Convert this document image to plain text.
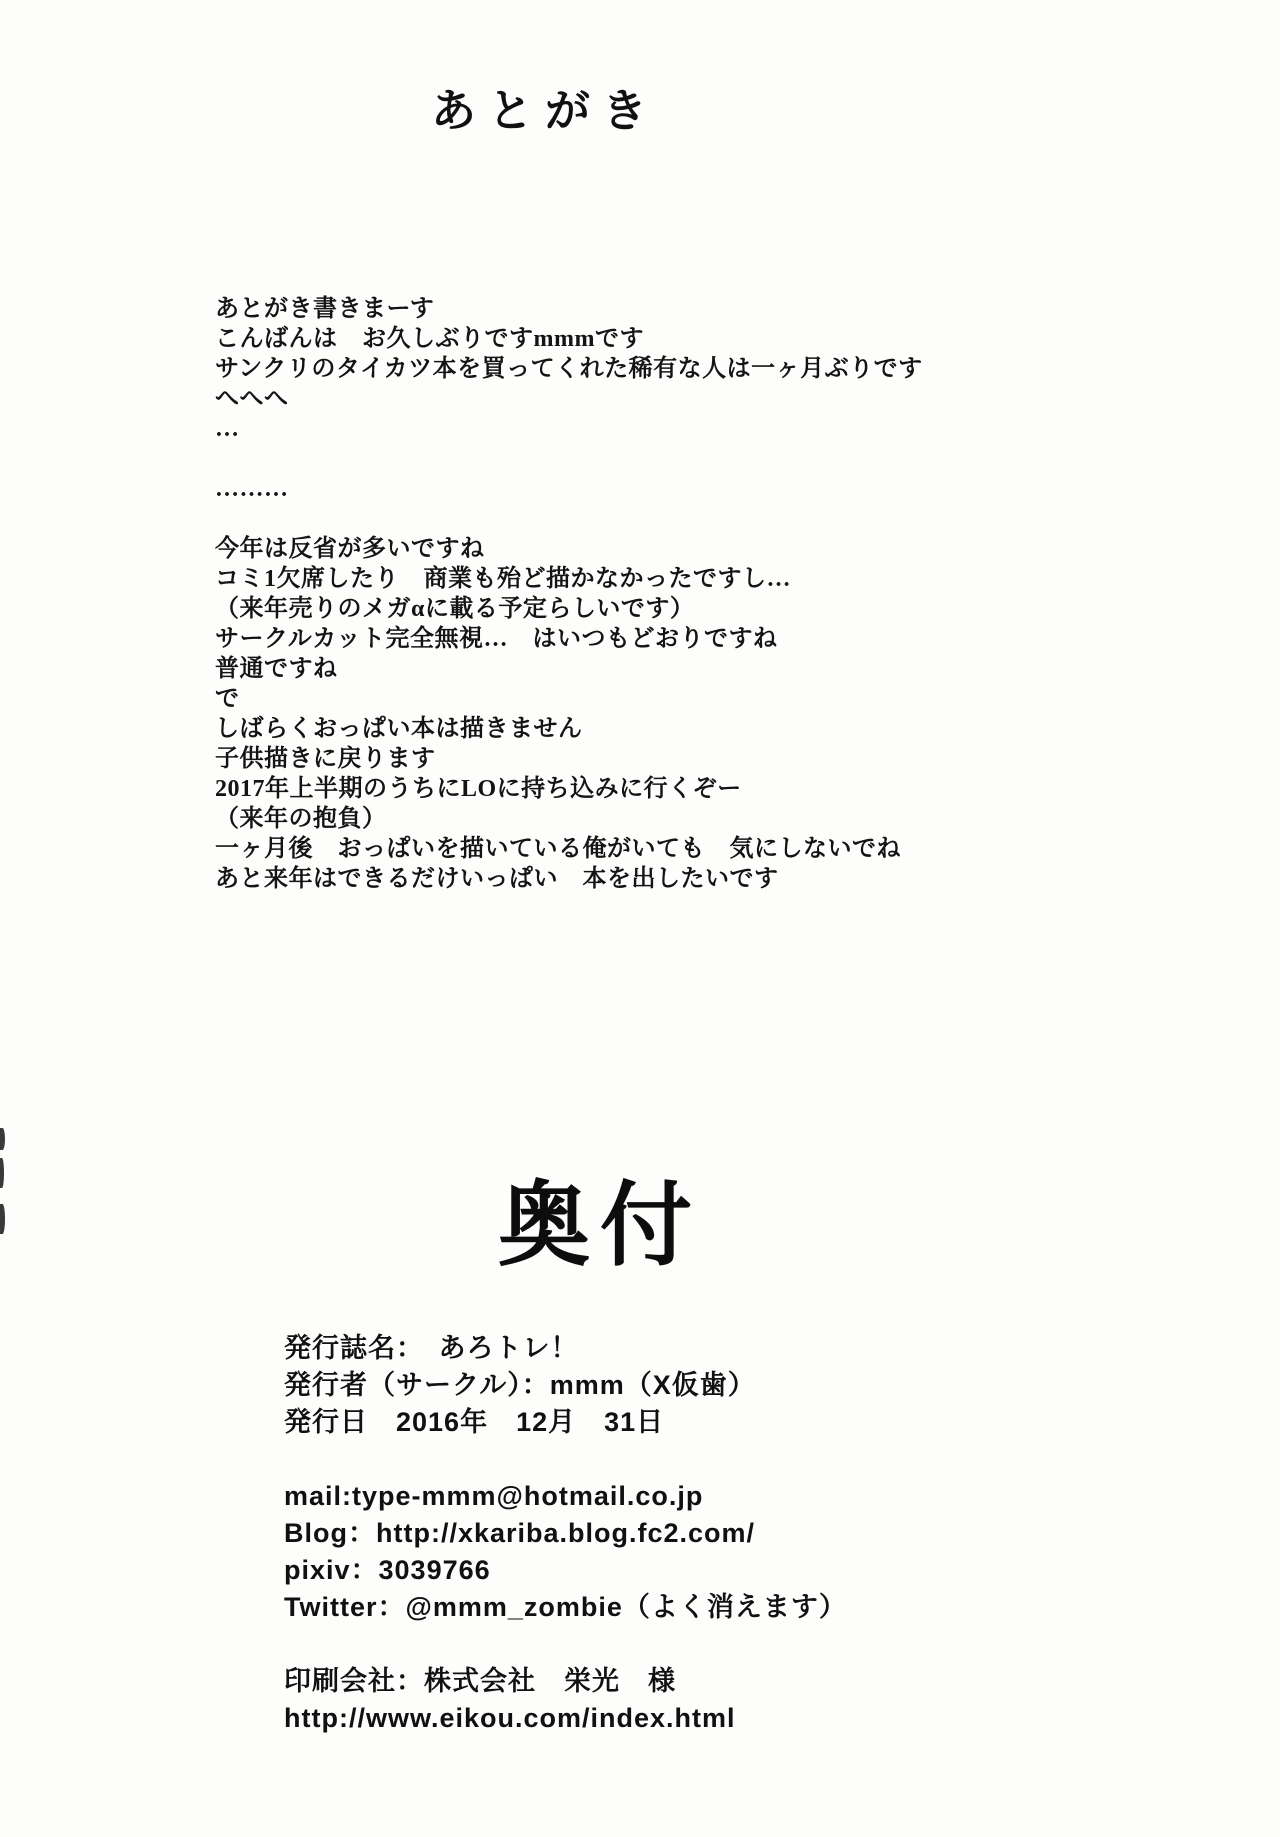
あとがき
あとがき書きまーす
こんばんは　お久しぶりですmmmです
サンクリのタイカツ本を買ってくれた稀有な人は一ヶ月ぶりです
へへへ
…

………

今年は反省が多いですね
コミ1欠席したり　商業も殆ど描かなかったですし…
（来年売りのメガαに載る予定らしいです）
サークルカット完全無視…　はいつもどおりですね
普通ですね
で
しばらくおっぱい本は描きません
子供描きに戻ります
2017年上半期のうちにLOに持ち込みに行くぞー
（来年の抱負）
一ヶ月後　おっぱいを描いている俺がいても　気にしないでね
あと来年はできるだけいっぱい　本を出したいです
奥付
発行誌名：　あろトレ！
発行者（サークル）：mmm（X仮歯）
発行日　2016年　12月　31日

mail:type-mmm@hotmail.co.jp
Blog：http://xkariba.blog.fc2.com/
pixiv：3039766
Twitter：@mmm_zombie（よく消えます）

印刷会社：株式会社　栄光　様
http://www.eikou.com/index.html
